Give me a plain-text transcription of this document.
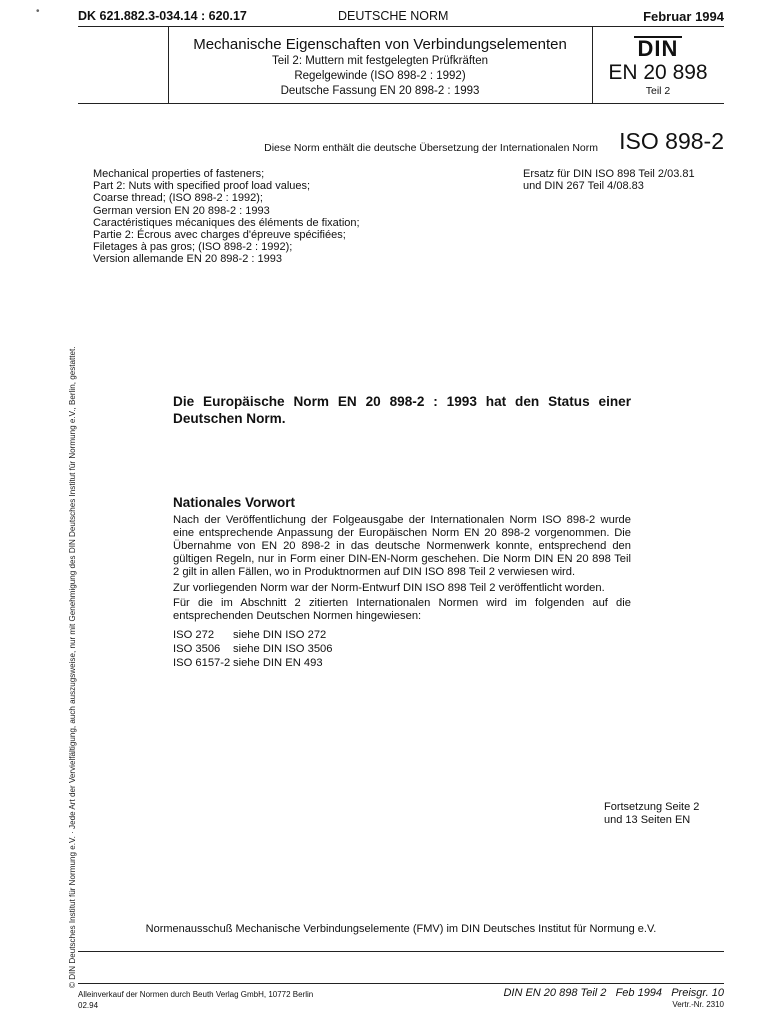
•	DK 621.882.3-034.14 : 620.17	DEUTSCHE NORM	Februar 1994
Mechanische Eigenschaften von Verbindungselementen
Teil 2: Muttern mit festgelegten Prüfkräften
Regelgewinde (ISO 898-2 : 1992)
Deutsche Fassung EN 20 898-2 : 1993
DIN
EN 20 898
Teil 2
Diese Norm enthält die deutsche Übersetzung der Internationalen Norm ISO 898-2
Mechanical properties of fasteners;
Part 2: Nuts with specified proof load values;
Coarse thread; (ISO 898-2 : 1992);
German version EN 20 898-2 : 1993
Caractéristiques mécaniques des éléments de fixation;
Partie 2: Écrous avec charges d'épreuve spécifiées;
Filetages à pas gros; (ISO 898-2 : 1992);
Version allemande EN 20 898-2 : 1993
Ersatz für DIN ISO 898 Teil 2/03.81
und DIN 267 Teil 4/08.83
Die Europäische Norm EN 20 898-2 : 1993 hat den Status einer
Deutschen Norm.
Nationales Vorwort

Nach der Veröffentlichung der Folgeausgabe der Internationalen Norm ISO 898-2 wurde eine entsprechende Anpassung der Europäischen Norm EN 20 898-2 vorgenommen. Die Übernahme von EN 20 898-2 in das deutsche Normenwerk konnte, entsprechend den gültigen Regeln, nur in Form einer DIN-EN-Norm geschehen. Die Norm DIN EN 20 898 Teil 2 gilt in allen Fällen, wo in Produktnormen auf DIN ISO 898 Teil 2 verwiesen wird.

Zur vorliegenden Norm war der Norm-Entwurf DIN ISO 898 Teil 2 veröffentlicht worden.

Für die im Abschnitt 2 zitierten Internationalen Normen wird im folgenden auf die entsprechenden Deutschen Normen hingewiesen:

ISO 272	siehe DIN ISO 272
ISO 3506	siehe DIN ISO 3506
ISO 6157-2 siehe DIN EN 493
Fortsetzung Seite 2
und 13 Seiten EN
Normenausschuß Mechanische Verbindungselemente (FMV) im DIN Deutsches Institut für Normung e.V.
Alleinverkauf der Normen durch Beuth Verlag GmbH, 10772 Berlin
02.94
DIN EN 20 898 Teil 2   Feb 1994   Preisgr. 10
Vertr.-Nr. 2310
© DIN Deutsches Institut für Normung e.V. · Jede Art der Vervielfältigung, auch auszugsweise, nur mit Genehmigung des DIN Deutsches Institut für Normung e.V., Berlin, gestattet.
